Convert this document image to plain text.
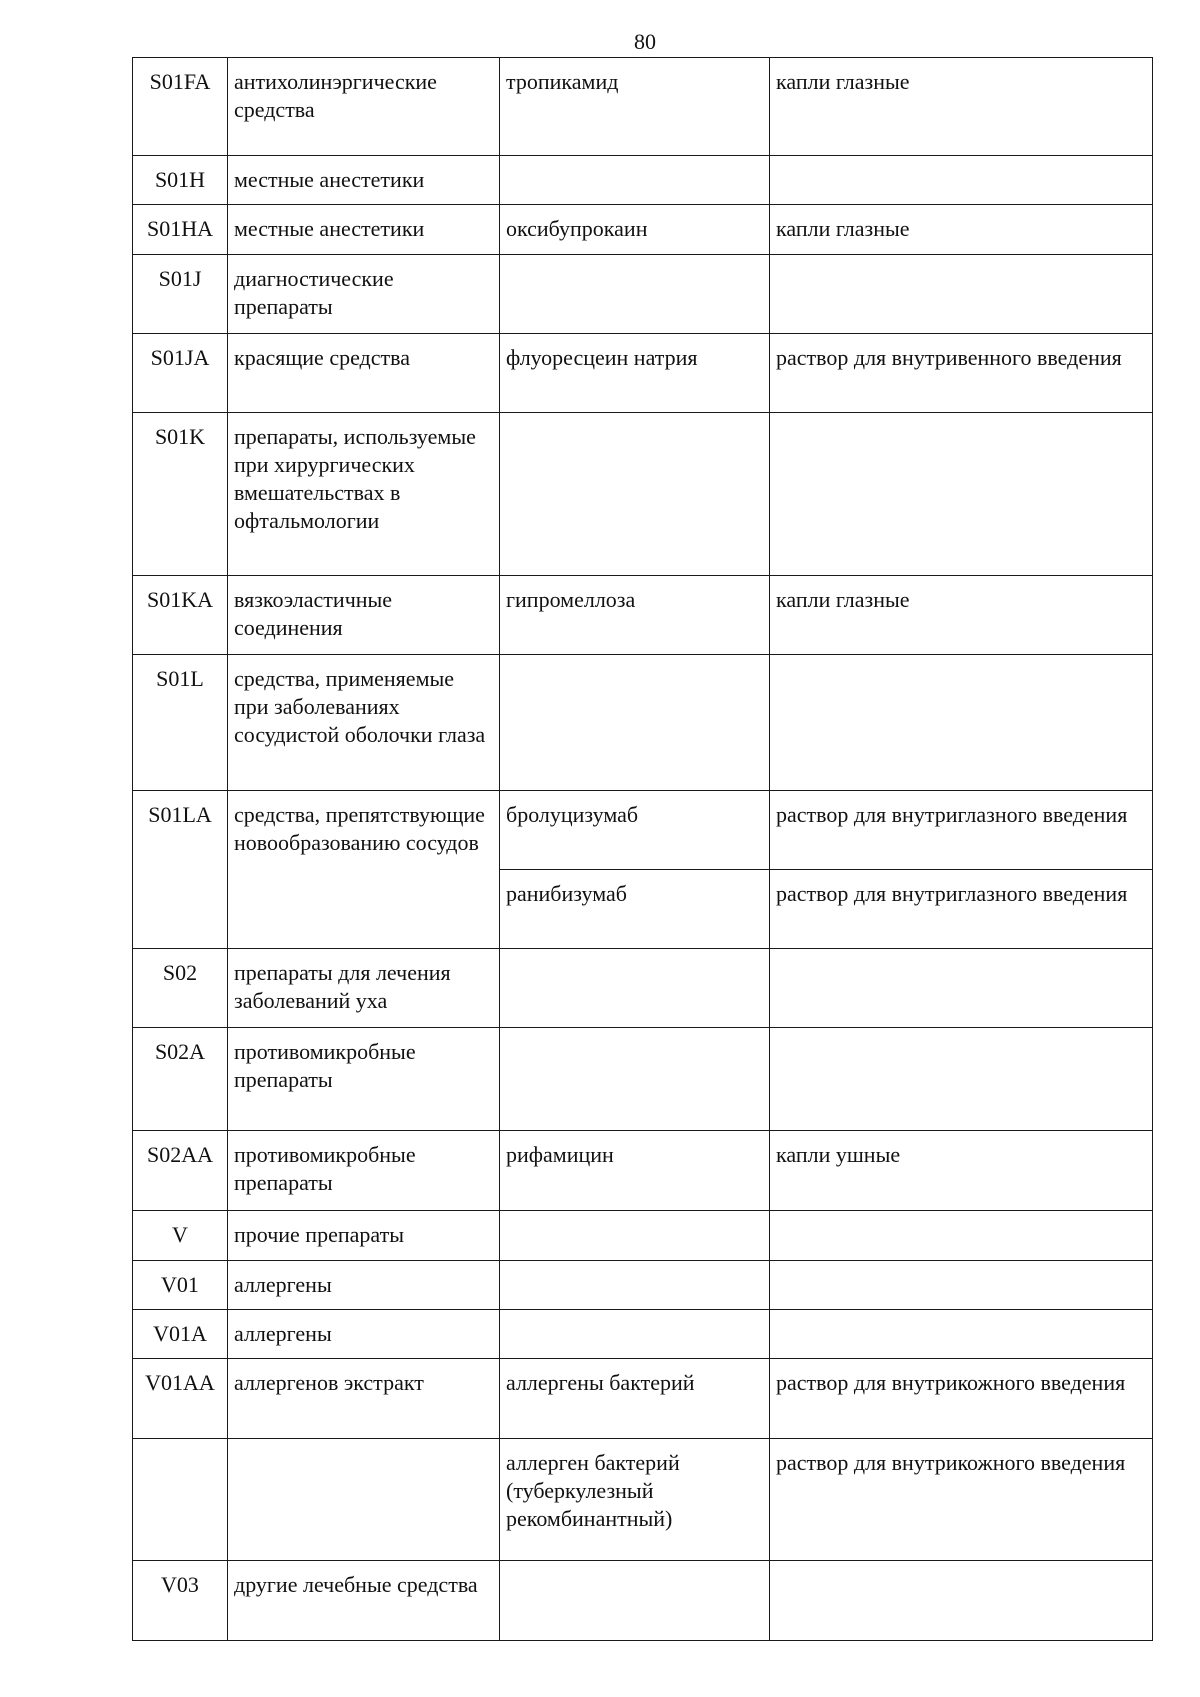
80
S01FA	антихолинэргические средства	тропикамид	капли глазные
S01H	местные анестетики		
S01HA	местные анестетики	оксибупрокаин	капли глазные
S01J	диагностические препараты		
S01JA	красящие средства	флуоресцеин натрия	раствор для внутривенного введения
S01K	препараты, используемые при хирургических вмешательствах в офтальмологии		
S01KA	вязкоэластичные соединения	гипромеллоза	капли глазные
S01L	средства, применяемые при заболеваниях сосудистой оболочки глаза		
S01LA	средства, препятствующие новообразованию сосудов	бролуцизумаб	раствор для внутриглазного введения
		ранибизумаб	раствор для внутриглазного введения
S02	препараты для лечения заболеваний уха		
S02A	противомикробные препараты		
S02AA	противомикробные препараты	рифамицин	капли ушные
V	прочие препараты		
V01	аллергены		
V01A	аллергены		
V01AA	аллергенов экстракт	аллергены бактерий	раствор для внутрикожного введения
		аллерген бактерий (туберкулезный рекомбинантный)	раствор для внутрикожного введения
V03	другие лечебные средства		
